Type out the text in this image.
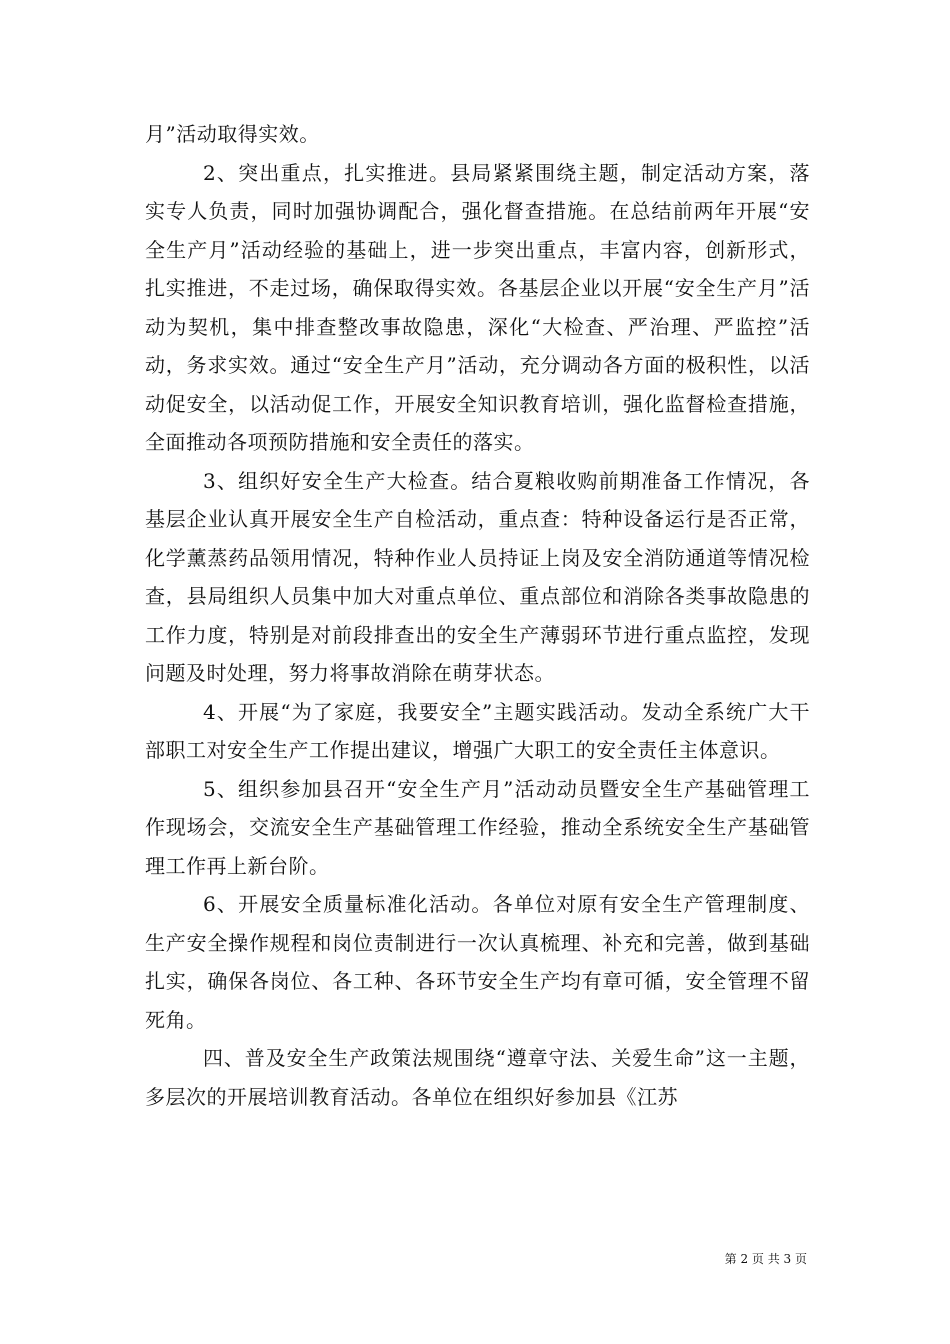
月”活动取得实效。

2、突出重点，扎实推进。县局紧紧围绕主题，制定活动方案，落实专人负责，同时加强协调配合，强化督查措施。在总结前两年开展“安全生产月”活动经验的基础上，进一步突出重点，丰富内容，创新形式，扎实推进，不走过场，确保取得实效。各基层企业以开展“安全生产月”活动为契机，集中排查整改事故隐患，深化“大检查、严治理、严监控”活动，务求实效。通过“安全生产月”活动，充分调动各方面的极积性，以活动促安全，以活动促工作，开展安全知识教育培训，强化监督检查措施，全面推动各项预防措施和安全责任的落实。

3、组织好安全生产大检查。结合夏粮收购前期准备工作情况，各基层企业认真开展安全生产自检活动，重点查：特种设备运行是否正常，化学薰蒸药品领用情况，特种作业人员持证上岗及安全消防通道等情况检查，县局组织人员集中加大对重点单位、重点部位和消除各类事故隐患的工作力度，特别是对前段排查出的安全生产薄弱环节进行重点监控，发现问题及时处理，努力将事故消除在萌芽状态。

4、开展“为了家庭，我要安全”主题实践活动。发动全系统广大干部职工对安全生产工作提出建议，增强广大职工的安全责任主体意识。

5、组织参加县召开“安全生产月”活动动员暨安全生产基础管理工作现场会，交流安全生产基础管理工作经验，推动全系统安全生产基础管理工作再上新台阶。

6、开展安全质量标准化活动。各单位对原有安全生产管理制度、生产安全操作规程和岗位责制进行一次认真梳理、补充和完善，做到基础扎实，确保各岗位、各工种、各环节安全生产均有章可循，安全管理不留死角。

四、普及安全生产政策法规围绕“遵章守法、关爱生命”这一主题，多层次的开展培训教育活动。各单位在组织好参加县《江苏

第 2 页 共 3 页
